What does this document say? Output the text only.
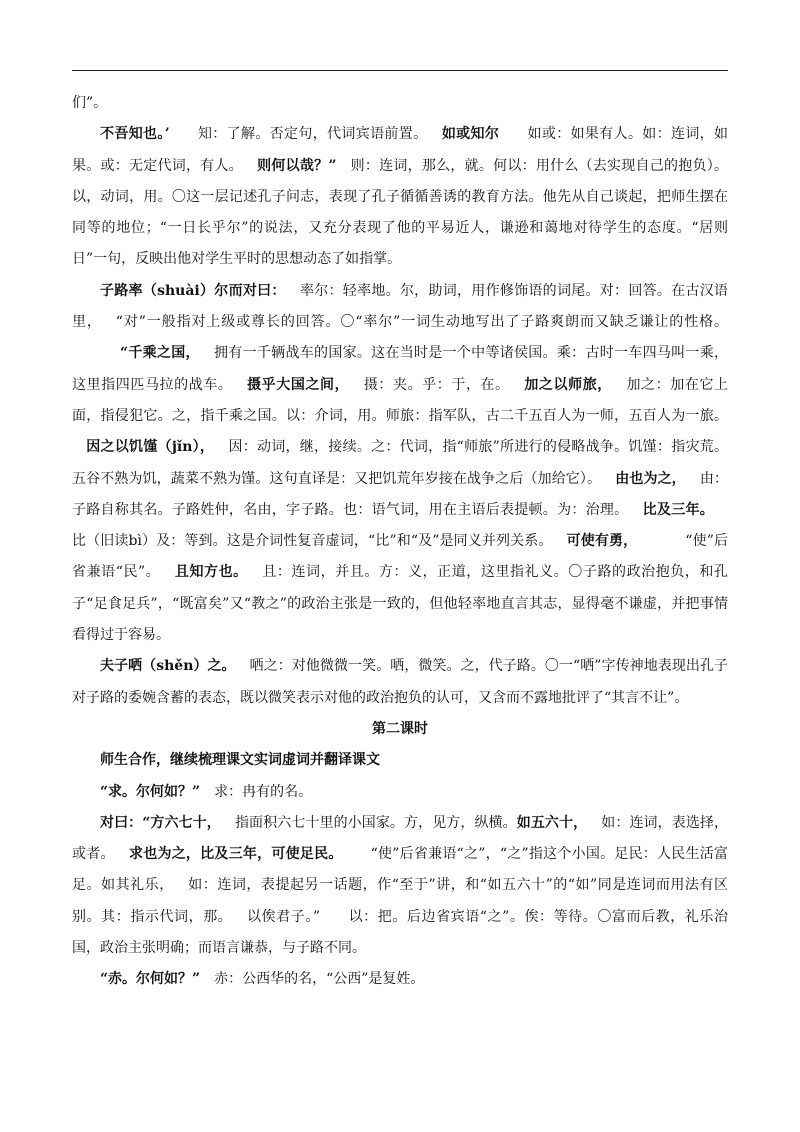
们”。

不吾知也。’ 知：了解。否定句，代词宾语前置。 如或知尔 如或：如果有人。如：连词，如果。或：无定代词，有人。 则何以哉？” 则：连词，那么，就。何以：用什么（去实现自己的抱负）。以，动词，用。〇这一层记述孔子问志，表现了孔子循循善诱的教育方法。他先从自己谈起，把师生摆在同等的地位；“一日长乎尔”的说法，又充分表现了他的平易近人，谦逊和蔼地对待学生的态度。“居则日”一句，反映出他对学生平时的思想动态了如指掌。

子路率（shuài）尔而对曰： 率尔：轻率地。尔，助词，用作修饰语的词尾。对：回答。在古汉语里， “对”一般指对上级或尊长的回答。〇“率尔”一词生动地写出了子路爽朗而又缺乏谦让的性格。“千乘之国， 拥有一千辆战车的国家。这在当时是一个中等诸侯国。乘：古时一车四马叫一乘，这里指四匹马拉的战车。 摄乎大国之间， 摄：夹。乎：于，在。 加之以师旅， 加之：加在它上面，指侵犯它。之，指千乘之国。以：介词，用。师旅：指军队，古二千五百人为一师，五百人为一旅。因之以饥馑（jǐn）， 因：动词，继，接续。之：代词，指“师旅”所进行的侵略战争。饥馑：指灾荒。五谷不熟为饥，蔬菜不熟为馑。这句直译是：又把饥荒年岁接在战争之后（加给它）。 由也为之， 由：子路自称其名。子路姓仲，名由，字子路。也：语气词，用在主语后表提顿。为：治理。 比及三年。比（旧读bì）及：等到。这是介词性复音虚词，“比”和“及”是同义并列关系。 可使有勇，	“使”后省兼语“民”。 且知方也。 且：连词，并且。方：义，正道，这里指礼义。〇子路的政治抱负，和孔子“足食足兵”，“既富矣”又“教之”的政治主张是一致的，但他轻率地直言其志，显得毫不谦虚，并把事情看得过于容易。

夫子哂（shěn）之。 哂之：对他微微一笑。哂，微笑。之，代子路。〇一“哂”字传神地表现出孔子对子路的委婉含蓄的表态，既以微笑表示对他的政治抱负的认可，又含而不露地批评了“其言不让”。

第二课时

师生合作，继续梳理课文实词虚词并翻译课文

“求。尔何如？” 求：冉有的名。

对曰：“方六七十， 指面积六七十里的小国家。方，见方，纵横。如五六十， 如：连词，表选择，或者。 求也为之，比及三年，可使足民。 “使”后省兼语“之”，“之”指这个小国。足民：人民生活富足。如其礼乐， 如：连词，表提起另一话题，作“至于”讲，和“如五六十”的“如”同是连词而用法有区别。其：指示代词，那。 以俟君子。” 以：把。后边省宾语“之”。俟：等待。〇富而后教，礼乐治国，政治主张明确；而语言谦恭，与子路不同。

“赤。尔何如？” 赤：公西华的名，“公西”是复姓。
